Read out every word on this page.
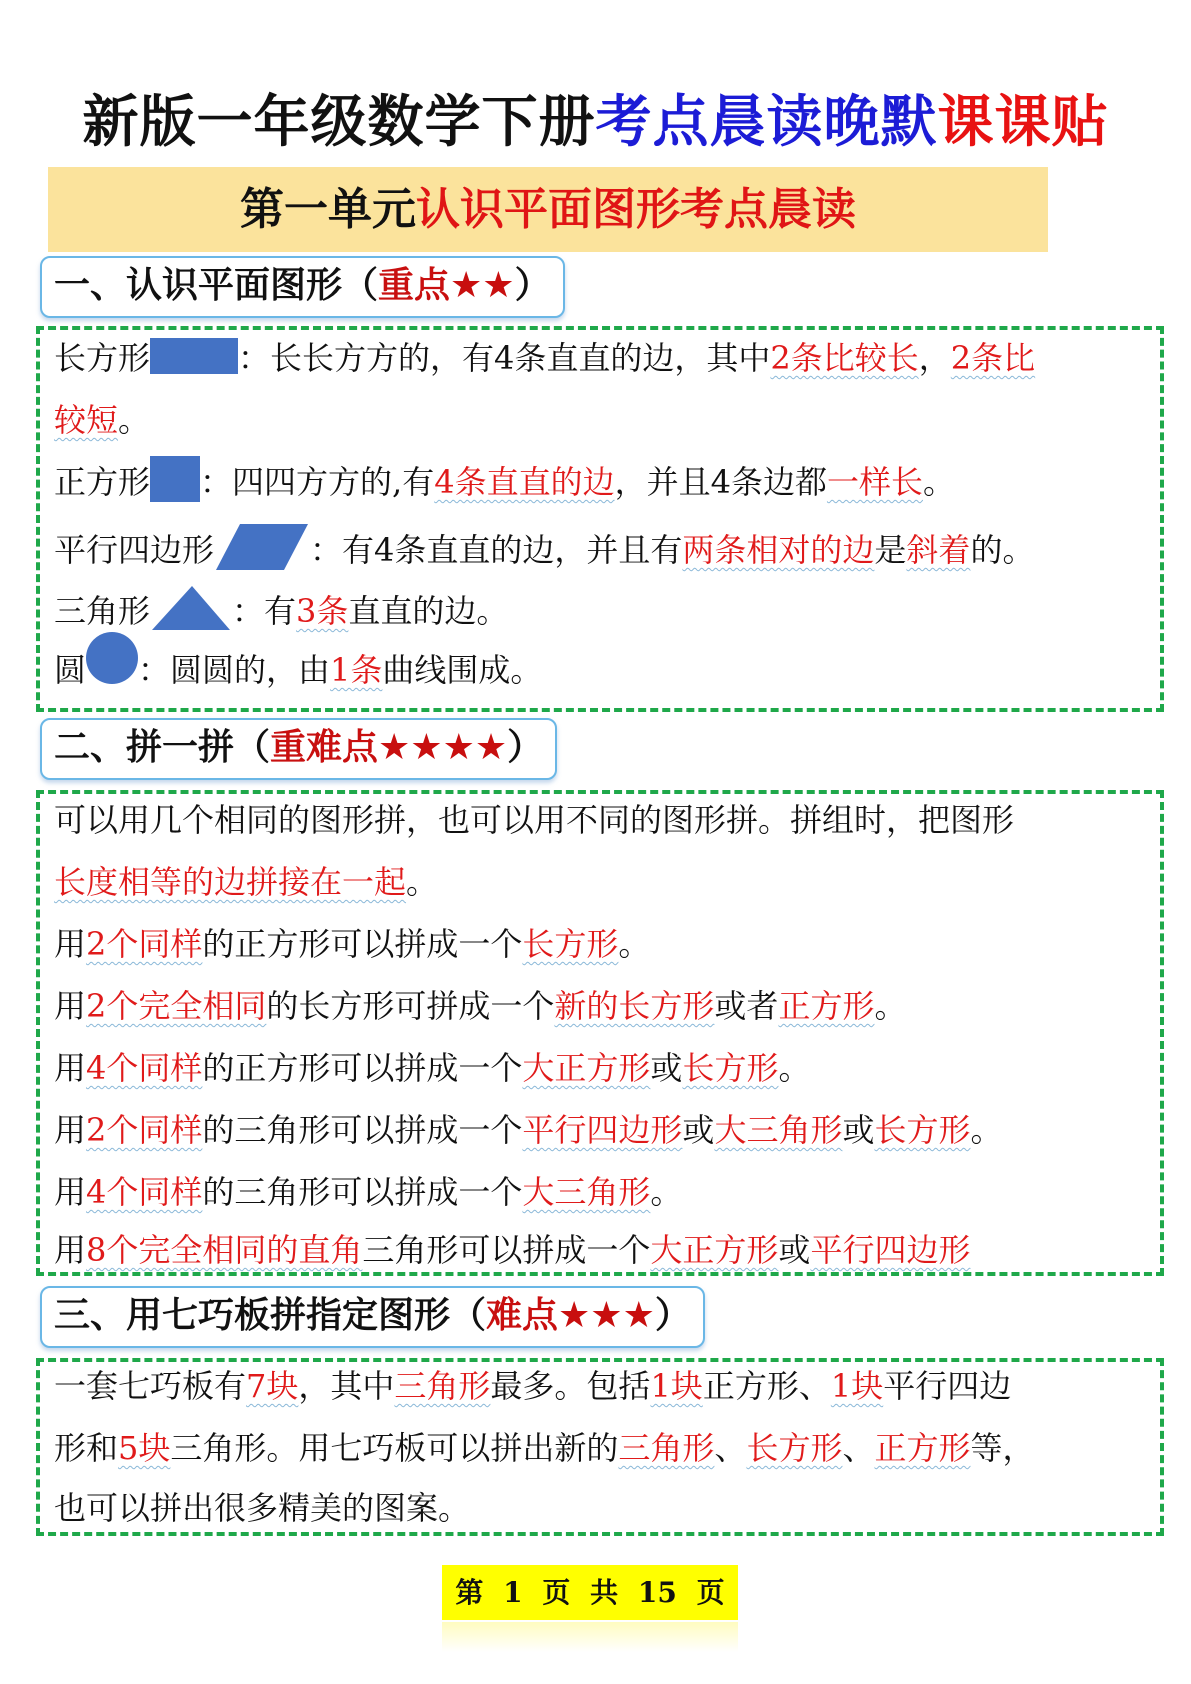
新版一年级数学下册考点晨读晚默课课贴
第一单元认识平面图形考点晨读
一、认识平面图形（重点★★）
长方形	：长长方方的，有4条直直的边，其中2条比较长，2条比
较短。
正方形 ：四四方方的,有4条直直的边，并且4条边都一样长。
平行四边形	：有4条直直的边，并且有两条相对的边是斜着的。
三角形	：有3条直直的边。
圆 ：圆圆的，由1条曲线围成。
二、拼一拼（重难点★★★★）
可以用几个相同的图形拼，也可以用不同的图形拼。拼组时，把图形
长度相等的边拼接在一起。
用2个同样的正方形可以拼成一个长方形。
用2个完全相同的长方形可拼成一个新的长方形或者正方形。
用4个同样的正方形可以拼成一个大正方形或长方形。
用2个同样的三角形可以拼成一个平行四边形或大三角形或长方形。
用4个同样的三角形可以拼成一个大三角形。
用8个完全相同的直角三角形可以拼成一个大正方形或平行四边形
三、用七巧板拼指定图形（难点★★★）
一套七巧板有7块，其中三角形最多。包括1块正方形、1块平行四边
形和5块三角形。用七巧板可以拼出新的三角形、长方形、正方形等，
也可以拼出很多精美的图案。
第 1 页 共 15 页
